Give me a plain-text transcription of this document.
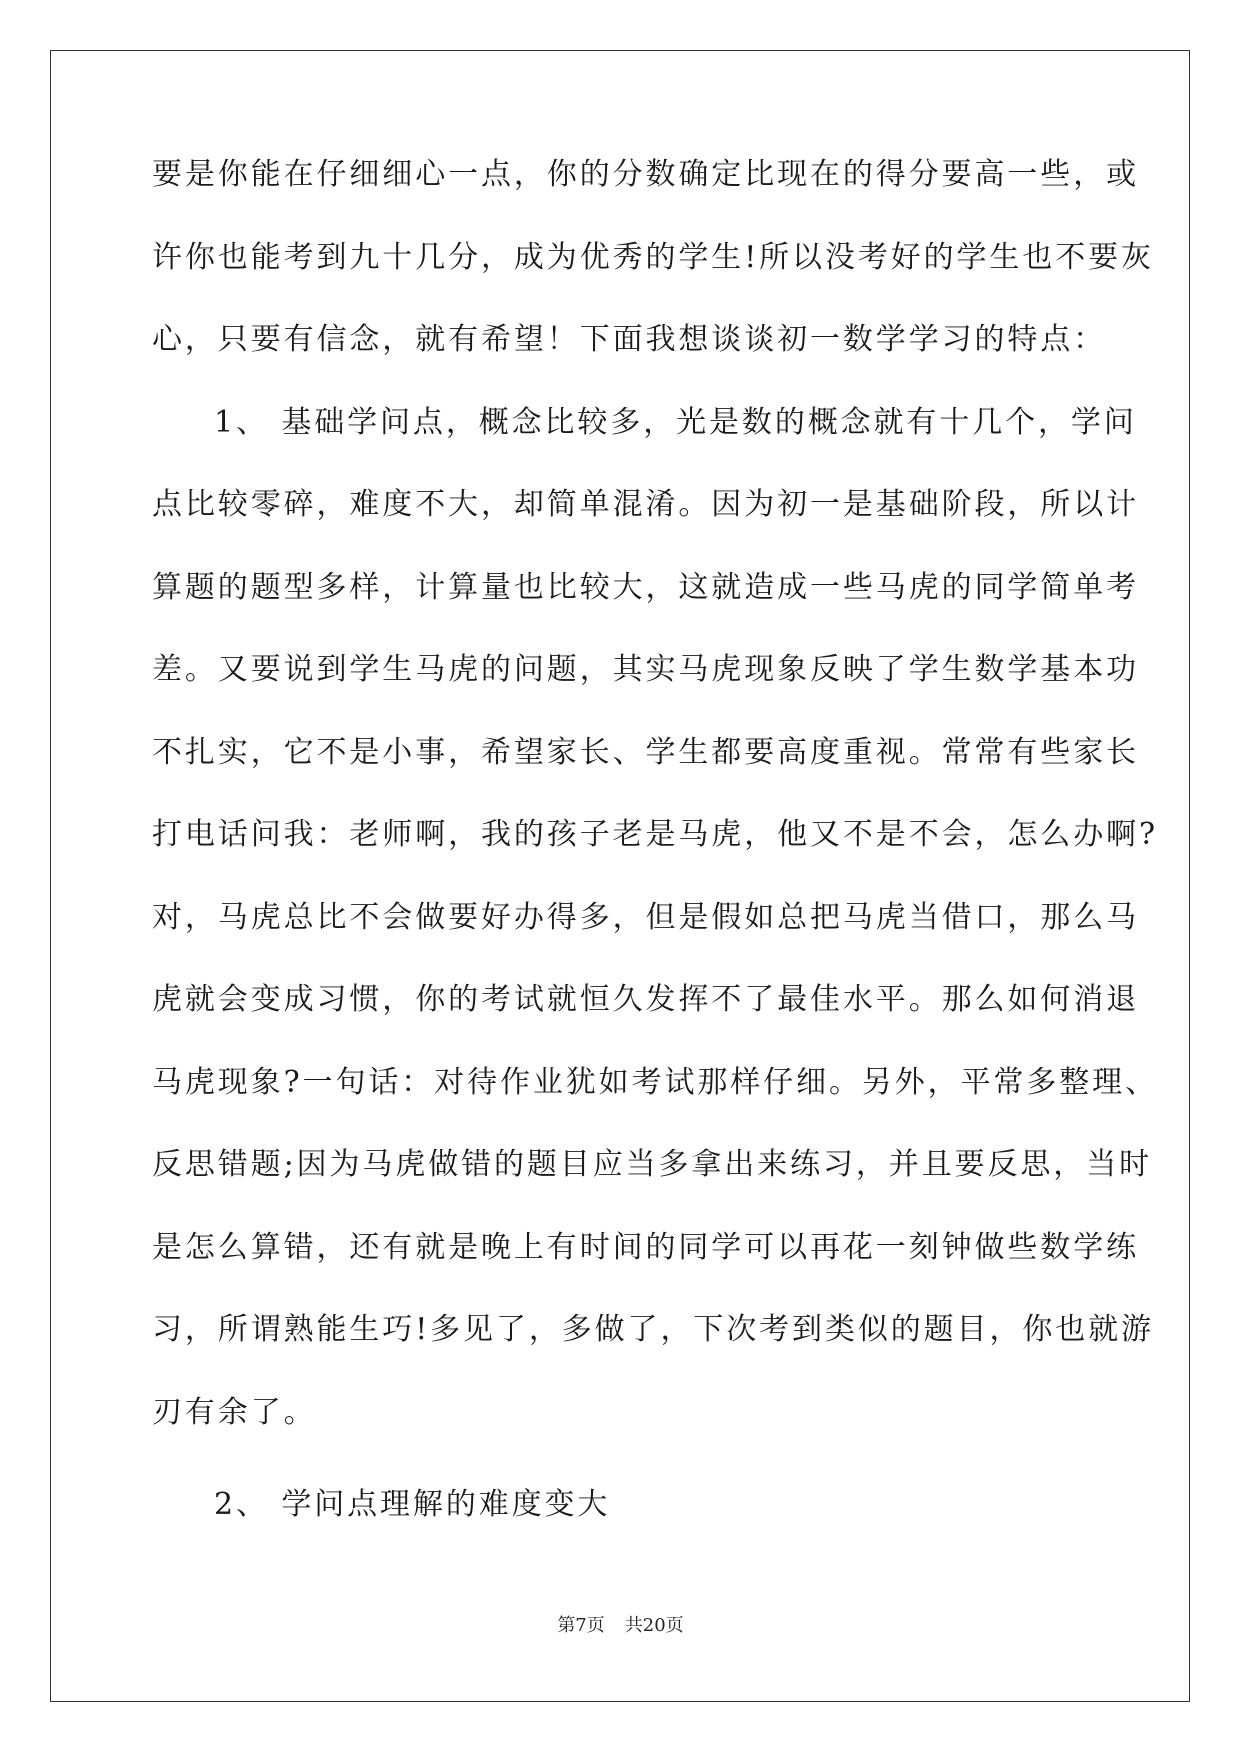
要是你能在仔细细心一点，你的分数确定比现在的得分要高一些，或
许你也能考到九十几分，成为优秀的学生!所以没考好的学生也不要灰
心，只要有信念，就有希望！下面我想谈谈初一数学学习的特点：
1、 基础学问点，概念比较多，光是数的概念就有十几个，学问
点比较零碎，难度不大，却简单混淆。因为初一是基础阶段，所以计
算题的题型多样，计算量也比较大，这就造成一些马虎的同学简单考
差。又要说到学生马虎的问题，其实马虎现象反映了学生数学基本功
不扎实，它不是小事，希望家长、学生都要高度重视。常常有些家长
打电话问我：老师啊，我的孩子老是马虎，他又不是不会，怎么办啊?
对，马虎总比不会做要好办得多，但是假如总把马虎当借口，那么马
虎就会变成习惯，你的考试就恒久发挥不了最佳水平。那么如何消退
马虎现象?一句话：对待作业犹如考试那样仔细。另外，平常多整理、
反思错题;因为马虎做错的题目应当多拿出来练习，并且要反思，当时
是怎么算错，还有就是晚上有时间的同学可以再花一刻钟做些数学练
习，所谓熟能生巧!多见了，多做了，下次考到类似的题目，你也就游
刃有余了。
2、 学问点理解的难度变大
第7页 共20页
